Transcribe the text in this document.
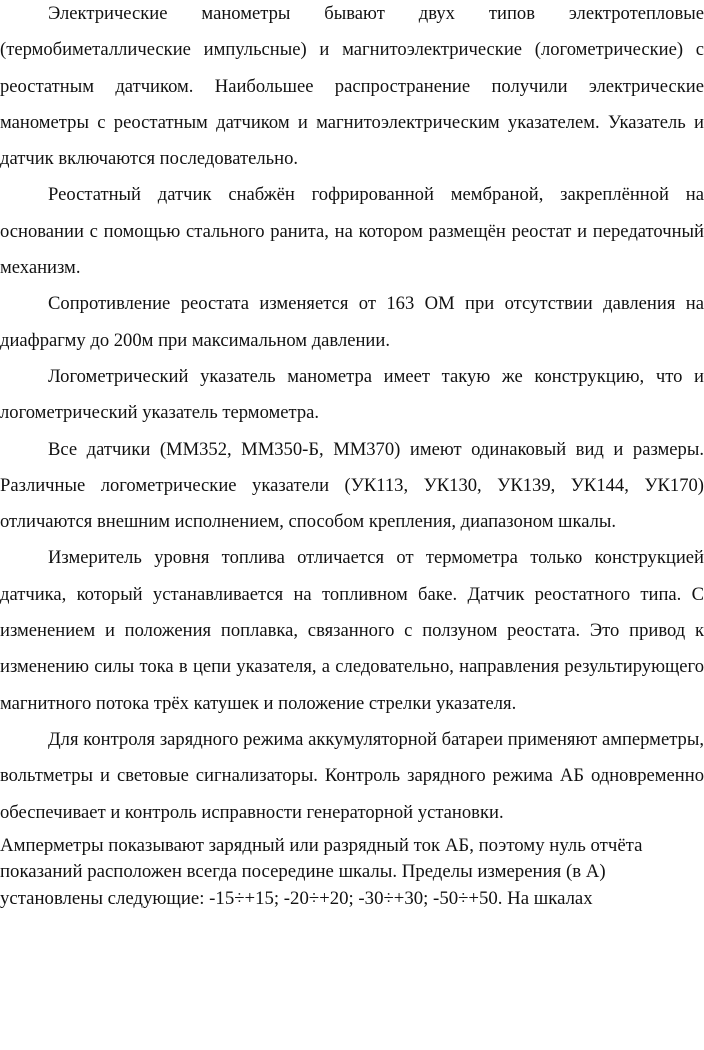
Электрические манометры бывают двух типов электротепловые (термобиметаллические импульсные) и магнитоэлектрические (логометрические) с реостатным датчиком. Наибольшее распространение получили электрические манометры с реостатным датчиком и магнитоэлектрическим указателем. Указатель и датчик включаются последовательно.

Реостатный датчик снабжён гофрированной мембраной, закреплённой на основании с помощью стального ранита, на котором размещён реостат и передаточный механизм.

Сопротивление реостата изменяется от 163 ОМ при отсутствии давления на диафрагму до 200м при максимальном давлении.

Логометрический указатель манометра имеет такую же конструкцию, что и логометрический указатель термометра.

Все датчики (ММ352, ММ350-Б, ММ370) имеют одинаковый вид и размеры. Различные логометрические указатели (УК113, УК130, УК139, УК144, УК170) отличаются внешним исполнением, способом крепления, диапазоном шкалы.

Измеритель уровня топлива отличается от термометра только конструкцией датчика, который устанавливается на топливном баке. Датчик реостатного типа. С изменением и положения поплавка, связанного с ползуном реостата. Это привод к изменению силы тока в цепи указателя, а следовательно, направления результирующего магнитного потока трёх катушек и положение стрелки указателя.

Для контроля зарядного режима аккумуляторной батареи применяют амперметры, вольтметры и световые сигнализаторы. Контроль зарядного режима АБ одновременно обеспечивает и контроль исправности генераторной установки.

Амперметры показывают зарядный или разрядный ток АБ, поэтому нуль отчёта показаний расположен всегда посередине шкалы. Пределы измерения (в А) установлены следующие: -15÷+15; -20÷+20; -30÷+30; -50÷+50. На шкалах
